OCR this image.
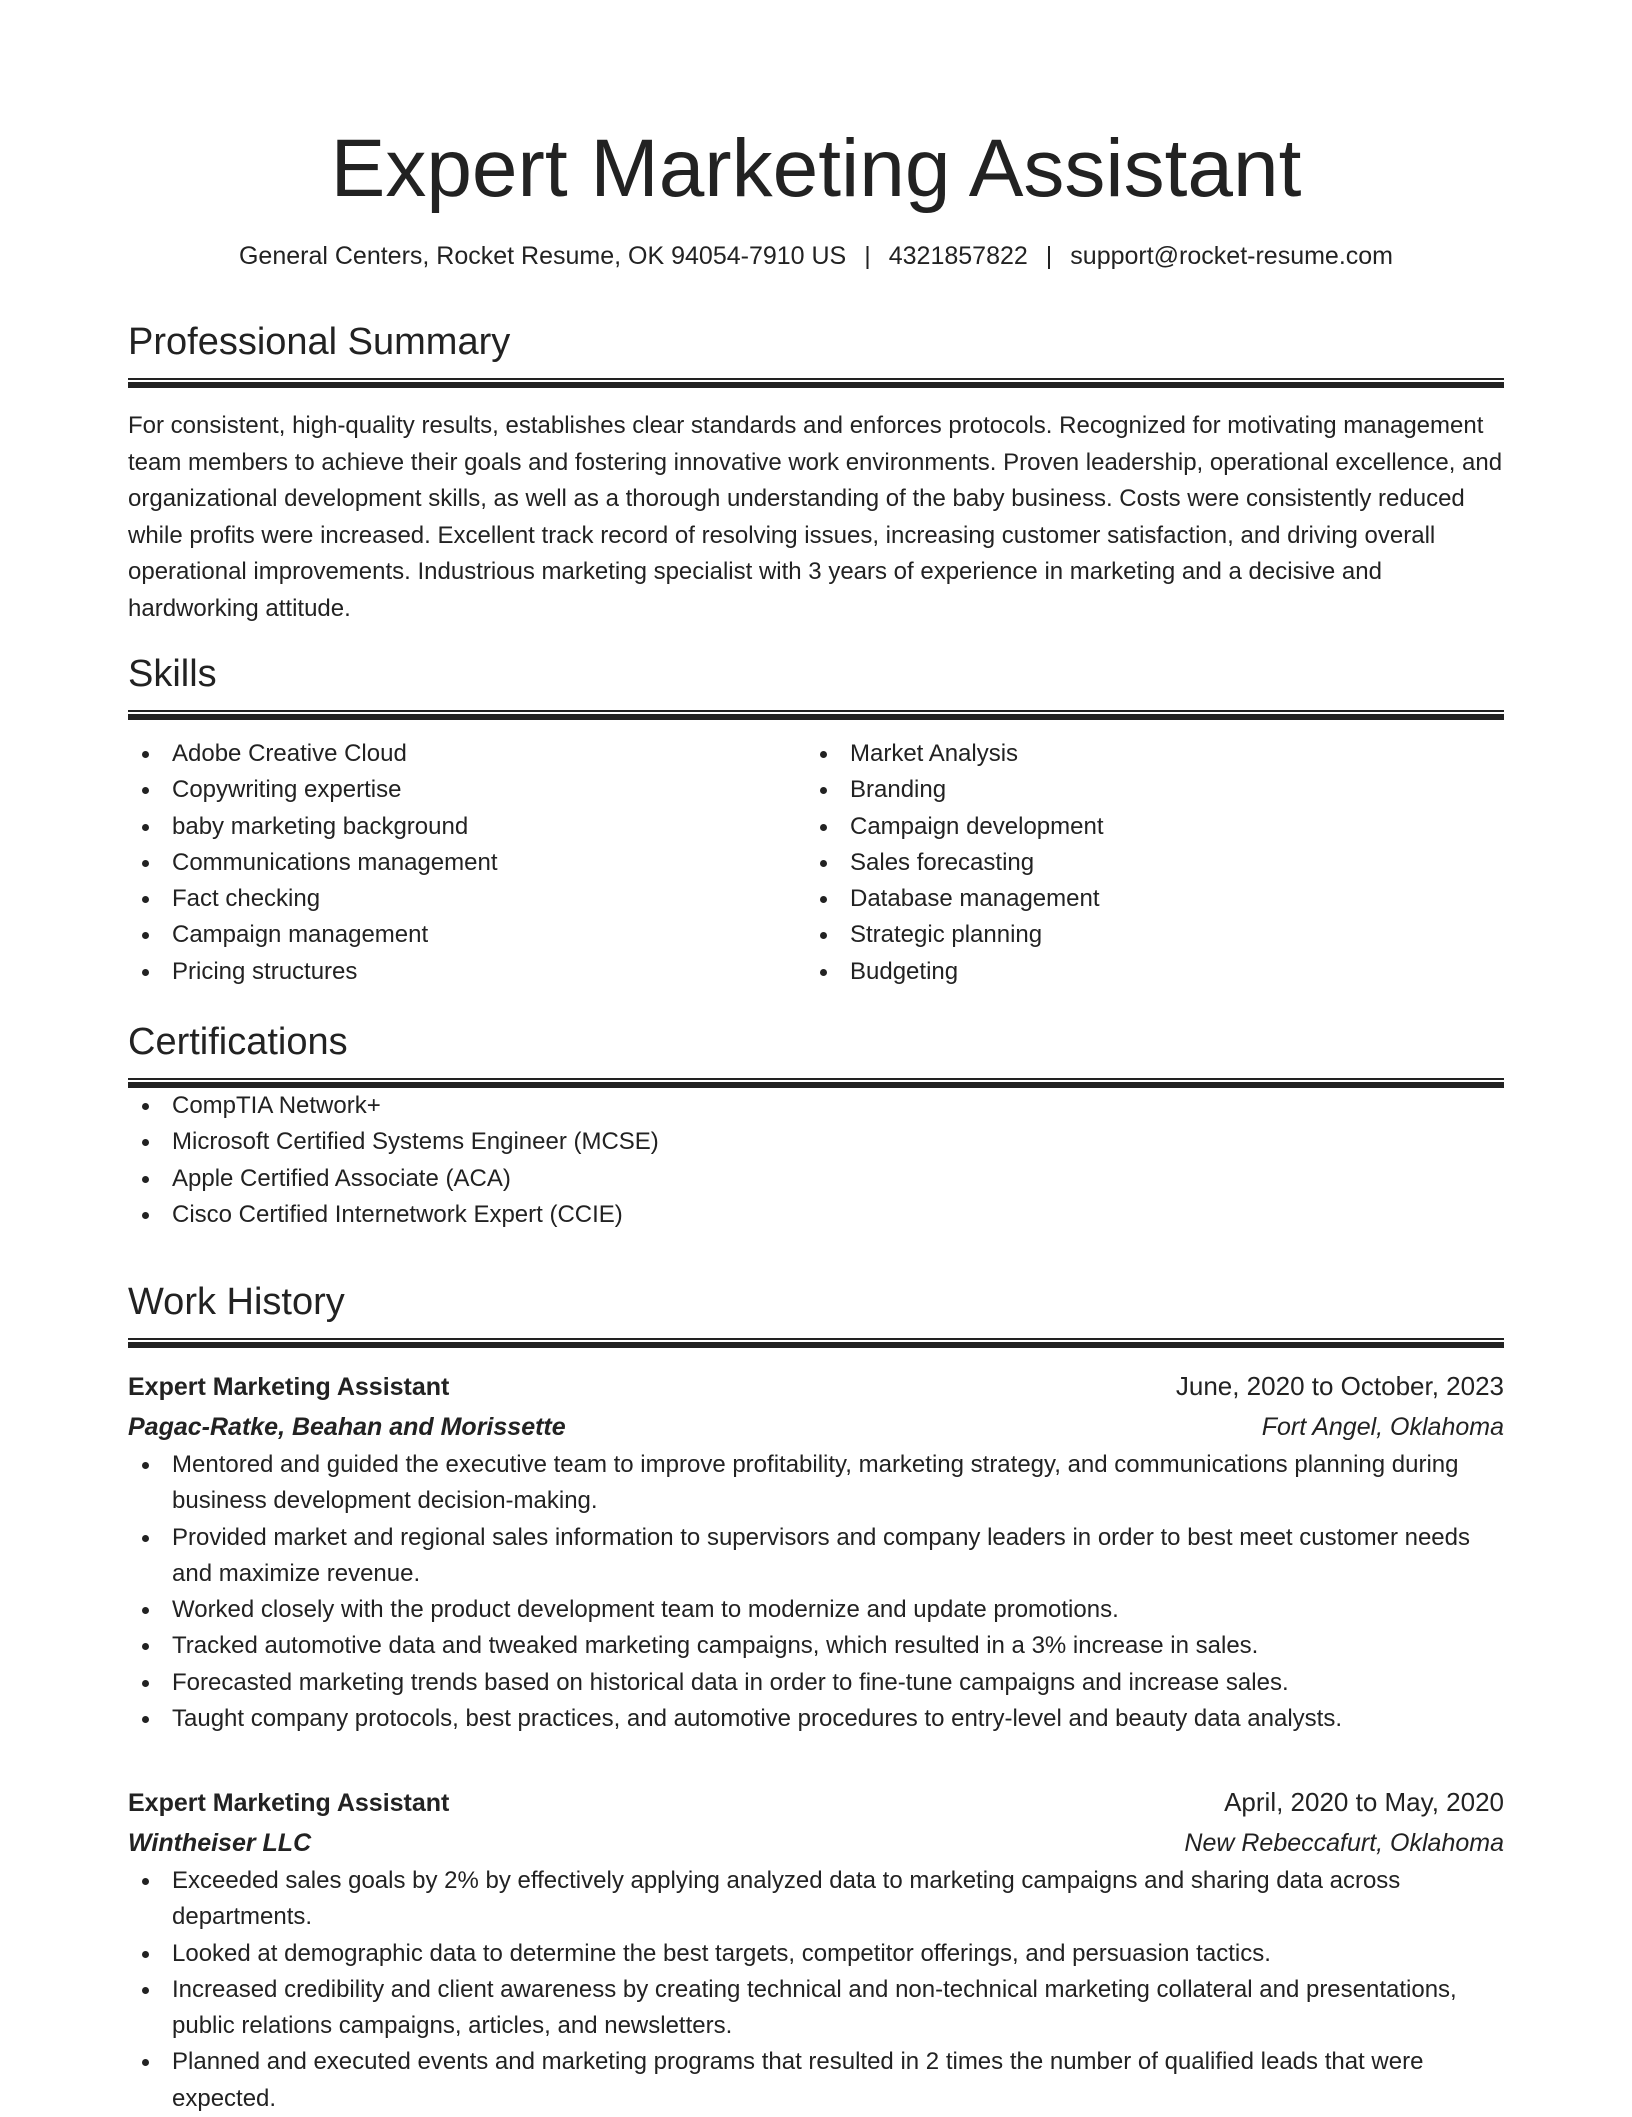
Expert Marketing Assistant
General Centers, Rocket Resume, OK 94054-7910 US | 4321857822 | support@rocket-resume.com
Professional Summary

For consistent, high-quality results, establishes clear standards and enforces protocols. Recognized for motivating management team members to achieve their goals and fostering innovative work environments. Proven leadership, operational excellence, and organizational development skills, as well as a thorough understanding of the baby business. Costs were consistently reduced while profits were increased. Excellent track record of resolving issues, increasing customer satisfaction, and driving overall operational improvements. Industrious marketing specialist with 3 years of experience in marketing and a decisive and hardworking attitude.

Skills
Adobe Creative Cloud
Copywriting expertise
baby marketing background
Communications management
Fact checking
Campaign management
Pricing structures
Market Analysis
Branding
Campaign development
Sales forecasting
Database management
Strategic planning
Budgeting
Certifications
CompTIA Network+
Microsoft Certified Systems Engineer (MCSE)
Apple Certified Associate (ACA)
Cisco Certified Internetwork Expert (CCIE)
Work History
Expert Marketing Assistant	June, 2020 to October, 2023
Pagac-Ratke, Beahan and Morissette	Fort Angel, Oklahoma
Mentored and guided the executive team to improve profitability, marketing strategy, and communications planning during business development decision-making.
Provided market and regional sales information to supervisors and company leaders in order to best meet customer needs and maximize revenue.
Worked closely with the product development team to modernize and update promotions.
Tracked automotive data and tweaked marketing campaigns, which resulted in a 3% increase in sales.
Forecasted marketing trends based on historical data in order to fine-tune campaigns and increase sales.
Taught company protocols, best practices, and automotive procedures to entry-level and beauty data analysts.
Expert Marketing Assistant	April, 2020 to May, 2020
Wintheiser LLC	New Rebeccafurt, Oklahoma
Exceeded sales goals by 2% by effectively applying analyzed data to marketing campaigns and sharing data across departments.
Looked at demographic data to determine the best targets, competitor offerings, and persuasion tactics.
Increased credibility and client awareness by creating technical and non-technical marketing collateral and presentations, public relations campaigns, articles, and newsletters.
Planned and executed events and marketing programs that resulted in 2 times the number of qualified leads that were expected.
